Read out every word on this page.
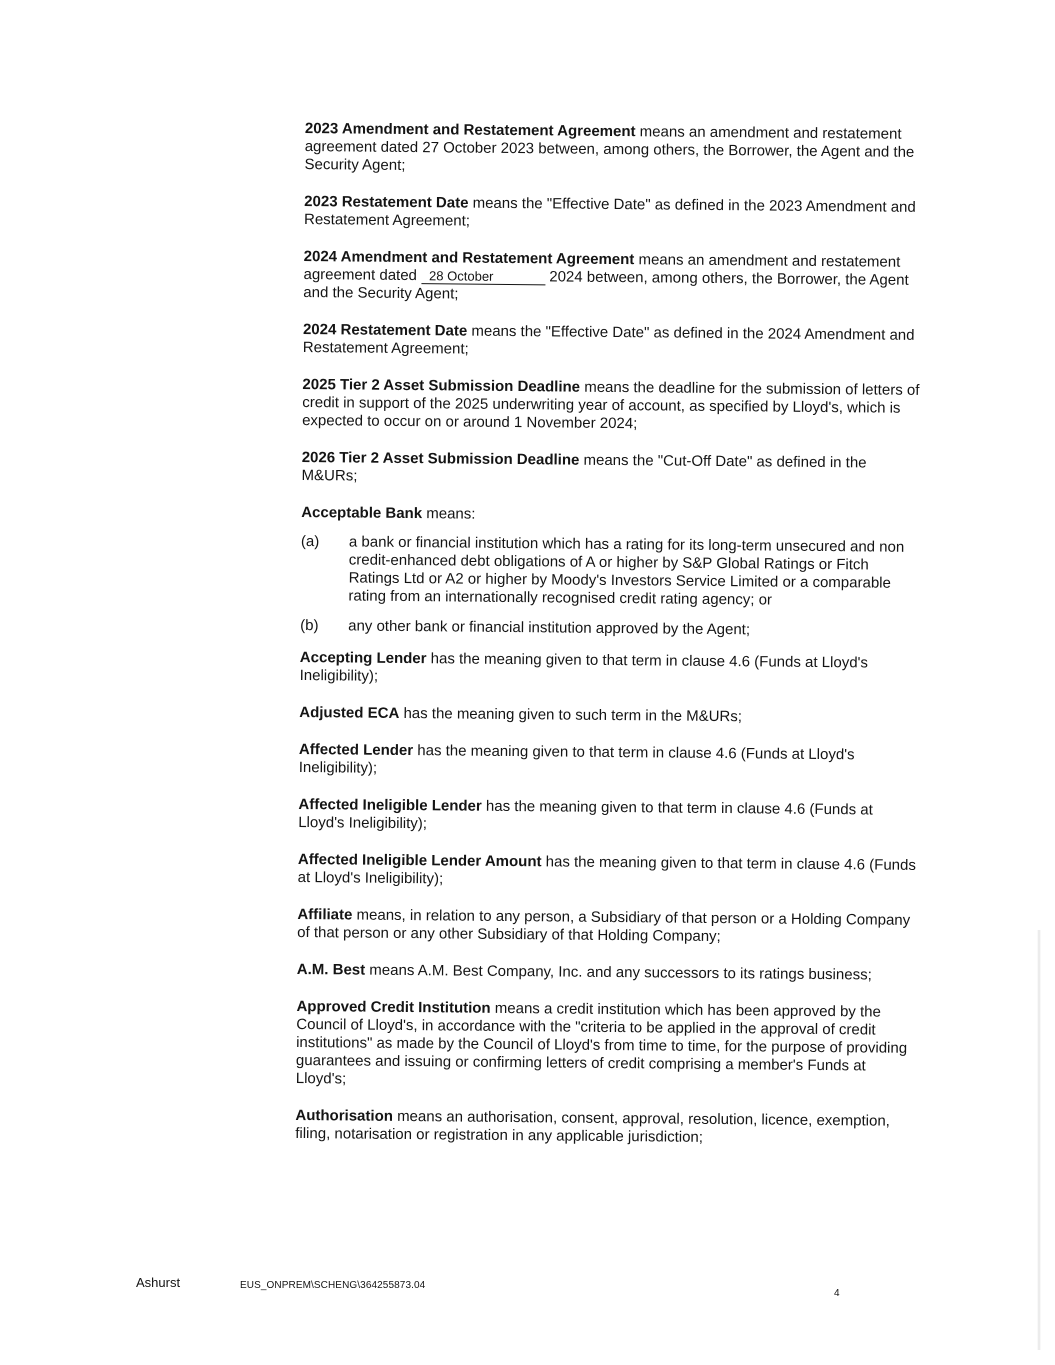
2023 Amendment and Restatement Agreement means an amendment and restatement agreement dated 27 October 2023 between, among others, the Borrower, the Agent and the Security Agent;

2023 Restatement Date means the "Effective Date" as defined in the 2023 Amendment and Restatement Agreement;

2024 Amendment and Restatement Agreement means an amendment and restatement agreement dated 28 October	2024 between, among others, the Borrower, the Agent and the Security Agent;

2024 Restatement Date means the "Effective Date" as defined in the 2024 Amendment and Restatement Agreement;

2025 Tier 2 Asset Submission Deadline means the deadline for the submission of letters of credit in support of the 2025 underwriting year of account, as specified by Lloyd's, which is expected to occur on or around 1 November 2024;

2026 Tier 2 Asset Submission Deadline means the "Cut-Off Date" as defined in the M&URs;

Acceptable Bank means:

(a)	a bank or financial institution which has a rating for its long-term unsecured and non credit-enhanced debt obligations of A or higher by S&P Global Ratings or Fitch Ratings Ltd or A2 or higher by Moody's Investors Service Limited or a comparable rating from an internationally recognised credit rating agency; or
(b)	any other bank or financial institution approved by the Agent;

Accepting Lender has the meaning given to that term in clause 4.6 (Funds at Lloyd's Ineligibility);

Adjusted ECA has the meaning given to such term in the M&URs;

Affected Lender has the meaning given to that term in clause 4.6 (Funds at Lloyd's Ineligibility);

Affected Ineligible Lender has the meaning given to that term in clause 4.6 (Funds at Lloyd's Ineligibility);

Affected Ineligible Lender Amount has the meaning given to that term in clause 4.6 (Funds at Lloyd's Ineligibility);

Affiliate means, in relation to any person, a Subsidiary of that person or a Holding Company of that person or any other Subsidiary of that Holding Company;

A.M. Best means A.M. Best Company, Inc. and any successors to its ratings business;

Approved Credit Institution means a credit institution which has been approved by the Council of Lloyd's, in accordance with the "criteria to be applied in the approval of credit institutions" as made by the Council of Lloyd's from time to time, for the purpose of providing guarantees and issuing or confirming letters of credit comprising a member's Funds at Lloyd's;

Authorisation means an authorisation, consent, approval, resolution, licence, exemption, filing, notarisation or registration in any applicable jurisdiction;

Ashurst	EUS_ONPREM\SCHENG\364255873.04
4
